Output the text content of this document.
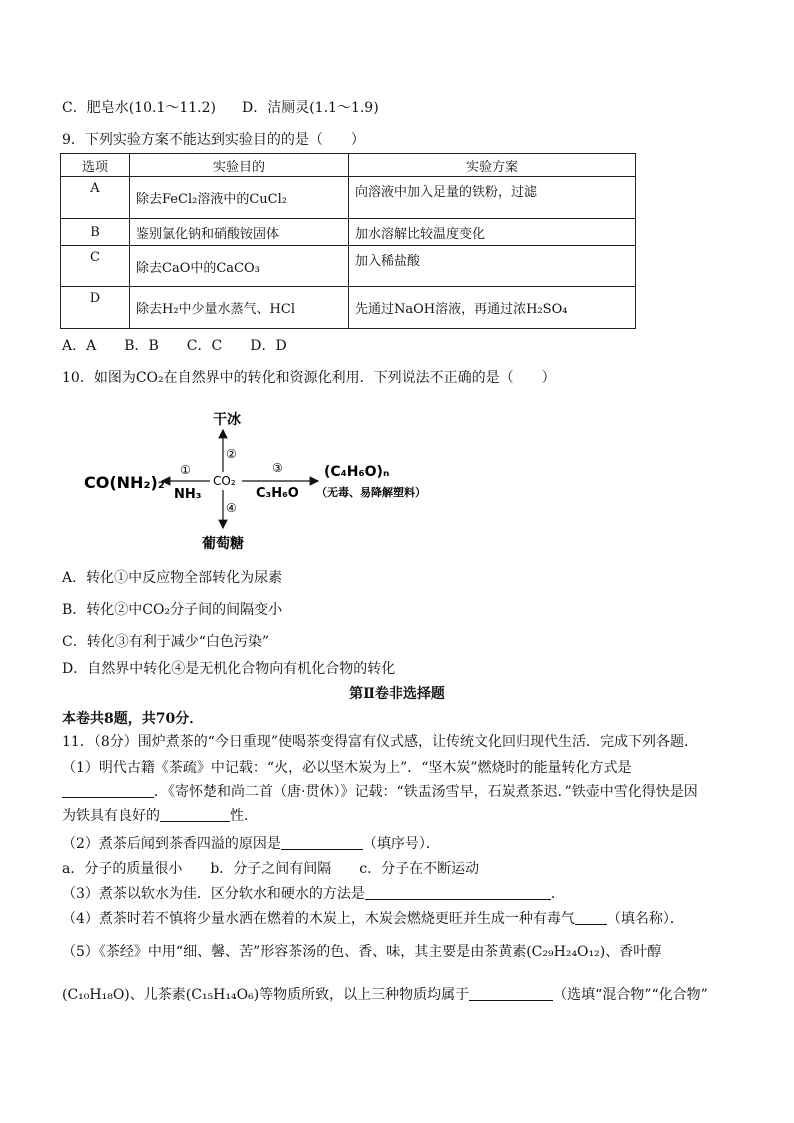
C．肥皂水(10.1～11.2) D．洁厕灵(1.1～1.9)
9．下列实验方案不能达到实验目的的是（　　）
选项	实验目的	实验方案
A	除去FeCl₂溶液中的CuCl₂	向溶液中加入足量的铁粉，过滤
B	鉴别氯化钠和硝酸铵固体	加水溶解比较温度变化
C	除去CaO中的CaCO₃	加入稀盐酸
D	除去H₂中少量水蒸气、HCl	先通过NaOH溶液，再通过浓H₂SO₄
A．A　　B．B　　C．C　　D．D
10．如图为CO₂在自然界中的转化和资源化利用．下列说法不正确的是（　　）
CO₂
干冰
②
CO(NH₂)₂
①
NH₃
③
C₃H₆O
(C₄H₆O)ₙ
（无毒、易降解塑料）
④
葡萄糖
A．转化①中反应物全部转化为尿素
B．转化②中CO₂分子间的间隔变小
C．转化③有利于减少“白色污染”
D．自然界中转化④是无机化合物向有机化合物的转化
第Ⅱ卷非选择题
本卷共8题，共70分．
11．（8分）围炉煮茶的“今日重现”使喝茶变得富有仪式感，让传统文化回归现代生活．完成下列各题．
（1）明代古籍《茶疏》中记载：“火，必以坚木炭为上”．“坚木炭”燃烧时的能量转化方式是
．《寄怀楚和尚二首（唐·贯休）》记载：“铁盂汤雪早，石炭煮茶迟．”铁壶中雪化得快是因
为铁具有良好的	性．
（2）煮茶后闻到茶香四溢的原因是	（填序号）．
a．分子的质量很小　　b．分子之间有间隔　　c．分子在不断运动
（3）煮茶以软水为佳．区分软水和硬水的方法是	．
（4）煮茶时若不慎将少量水洒在燃着的木炭上，木炭会燃烧更旺并生成一种有毒气 （填名称）．
（5）《茶经》中用“细、馨、苦”形容茶汤的色、香、味，其主要是由茶黄素(C₂₉H₂₄O₁₂)、香叶醇
(C₁₀H₁₈O)、儿茶素(C₁₅H₁₄O₆)等物质所致，以上三种物质均属于	（选填“混合物”“化合物”
